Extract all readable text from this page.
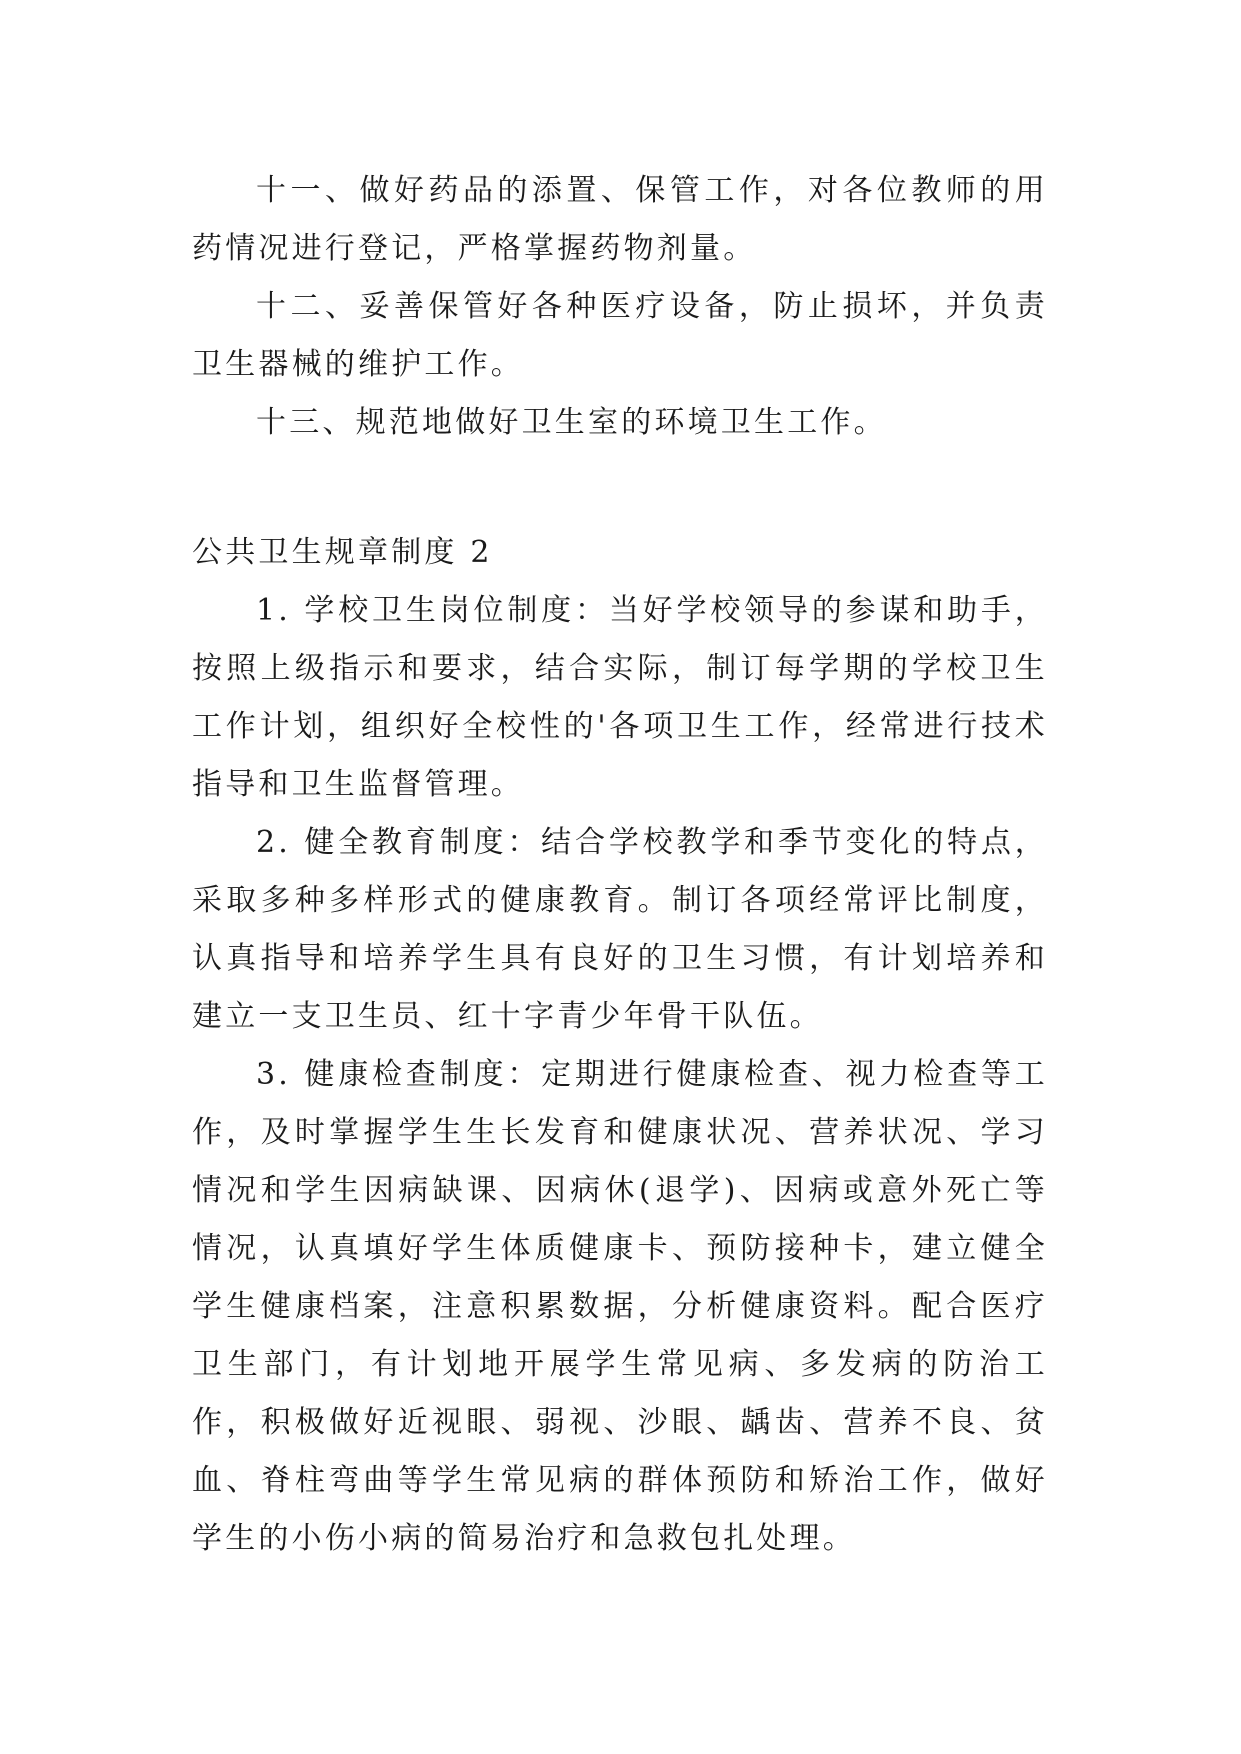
十一、做好药品的添置、保管工作，对各位教师的用药情况进行登记，严格掌握药物剂量。

十二、妥善保管好各种医疗设备，防止损坏，并负责卫生器械的维护工作。

十三、规范地做好卫生室的环境卫生工作。

公共卫生规章制度 2

1. 学校卫生岗位制度：当好学校领导的参谋和助手，按照上级指示和要求，结合实际，制订每学期的学校卫生工作计划，组织好全校性的'各项卫生工作，经常进行技术指导和卫生监督管理。

2. 健全教育制度：结合学校教学和季节变化的特点，采取多种多样形式的健康教育。制订各项经常评比制度，认真指导和培养学生具有良好的卫生习惯，有计划培养和建立一支卫生员、红十字青少年骨干队伍。

3. 健康检查制度：定期进行健康检查、视力检查等工作，及时掌握学生生长发育和健康状况、营养状况、学习情况和学生因病缺课、因病休(退学)、因病或意外死亡等情况，认真填好学生体质健康卡、预防接种卡，建立健全学生健康档案，注意积累数据，分析健康资料。配合医疗卫生部门，有计划地开展学生常见病、多发病的防治工作，积极做好近视眼、弱视、沙眼、龋齿、营养不良、贫血、脊柱弯曲等学生常见病的群体预防和矫治工作，做好学生的小伤小病的简易治疗和急救包扎处理。
